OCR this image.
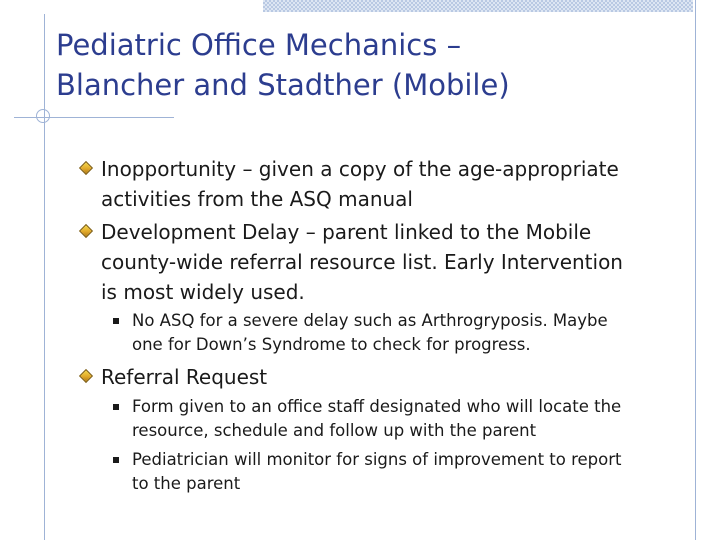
Pediatric Office Mechanics –
Blancher and Stadther (Mobile)
Inopportunity – given a copy of the age-appropriate
activities from the ASQ manual
Development Delay – parent linked to the Mobile
county-wide referral resource list. Early Intervention
is most widely used.
No ASQ for a severe delay such as Arthrogryposis. Maybe
one for Down’s Syndrome to check for progress.
Referral Request
Form given to an office staff designated who will locate the
resource, schedule and follow up with the parent
Pediatrician will monitor for signs of improvement to report
to the parent
